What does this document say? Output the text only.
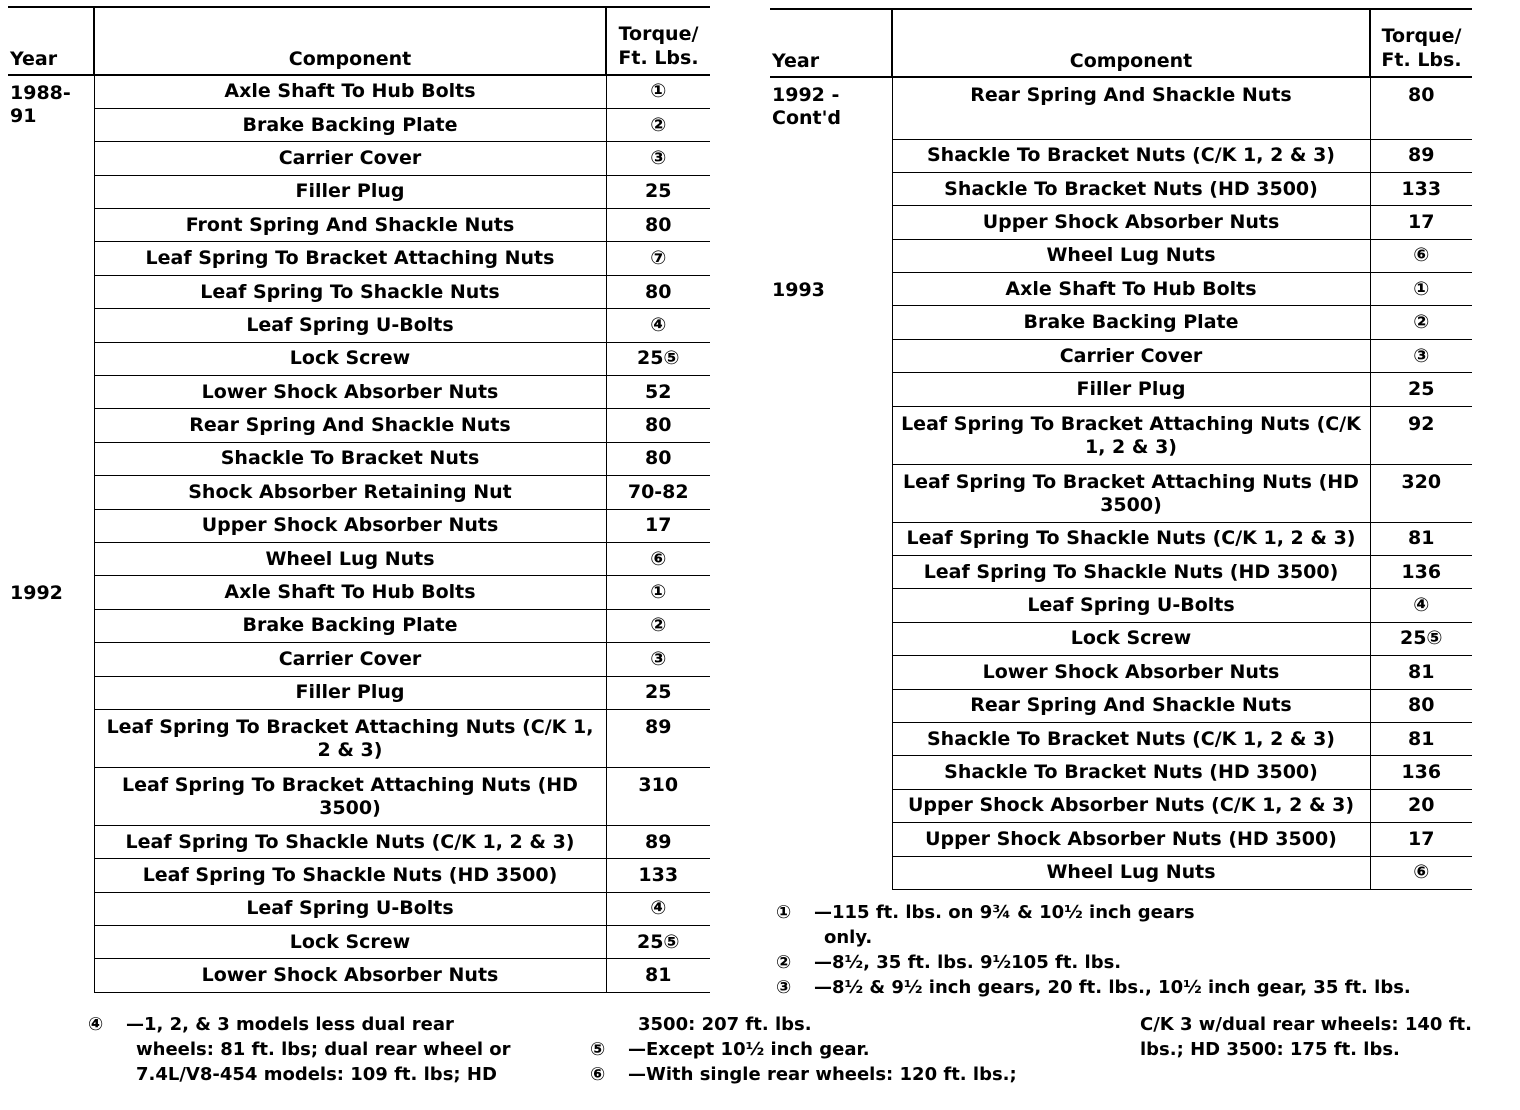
Year	Component	Torque/
Ft. Lbs.
1988-91	Axle Shaft To Hub Bolts	①
	Brake Backing Plate	②
	Carrier Cover	③
	Filler Plug	25
	Front Spring And Shackle Nuts	80
	Leaf Spring To Bracket Attaching Nuts	⑦
	Leaf Spring To Shackle Nuts	80
	Leaf Spring U-Bolts	④
	Lock Screw	25⑤
	Lower Shock Absorber Nuts	52
	Rear Spring And Shackle Nuts	80
	Shackle To Bracket Nuts	80
	Shock Absorber Retaining Nut	70-82
	Upper Shock Absorber Nuts	17
	Wheel Lug Nuts	⑥
1992	Axle Shaft To Hub Bolts	①
	Brake Backing Plate	②
	Carrier Cover	③
	Filler Plug	25
	Leaf Spring To Bracket Attaching Nuts (C/K 1, 2 & 3)	89
	Leaf Spring To Bracket Attaching Nuts (HD 3500)	310
	Leaf Spring To Shackle Nuts (C/K 1, 2 & 3)	89
	Leaf Spring To Shackle Nuts (HD 3500)	133
	Leaf Spring U-Bolts	④
	Lock Screw	25⑤
	Lower Shock Absorber Nuts	81
Year	Component	Torque/
Ft. Lbs.
1992 -Cont'd	Rear Spring And Shackle Nuts	80
	Shackle To Bracket Nuts (C/K 1, 2 & 3)	89
	Shackle To Bracket Nuts (HD 3500)	133
	Upper Shock Absorber Nuts	17
	Wheel Lug Nuts	⑥
1993	Axle Shaft To Hub Bolts	①
	Brake Backing Plate	②
	Carrier Cover	③
	Filler Plug	25
	Leaf Spring To Bracket Attaching Nuts (C/K 1, 2 & 3)	92
	Leaf Spring To Bracket Attaching Nuts (HD 3500)	320
	Leaf Spring To Shackle Nuts (C/K 1, 2 & 3)	81
	Leaf Spring To Shackle Nuts (HD 3500)	136
	Leaf Spring U-Bolts	④
	Lock Screw	25⑤
	Lower Shock Absorber Nuts	81
	Rear Spring And Shackle Nuts	80
	Shackle To Bracket Nuts (C/K 1, 2 & 3)	81
	Shackle To Bracket Nuts (HD 3500)	136
	Upper Shock Absorber Nuts (C/K 1, 2 & 3)	20
	Upper Shock Absorber Nuts (HD 3500)	17
	Wheel Lug Nuts	⑥
① —115 ft. lbs. on 9¾ & 10½ inch gears
only.
② —8½, 35 ft. lbs. 9½105 ft. lbs.
③ —8½ & 9½ inch gears, 20 ft. lbs., 10½ inch gear, 35 ft. lbs.
④ —1, 2, & 3 models less dual rear
wheels: 81 ft. lbs; dual rear wheel or
7.4L/V8-454 models: 109 ft. lbs; HD
3500: 207 ft. lbs.
⑤ —Except 10½ inch gear.
⑥ —With single rear wheels: 120 ft. lbs.;
C/K 3 w/dual rear wheels: 140 ft.
lbs.; HD 3500: 175 ft. lbs.
